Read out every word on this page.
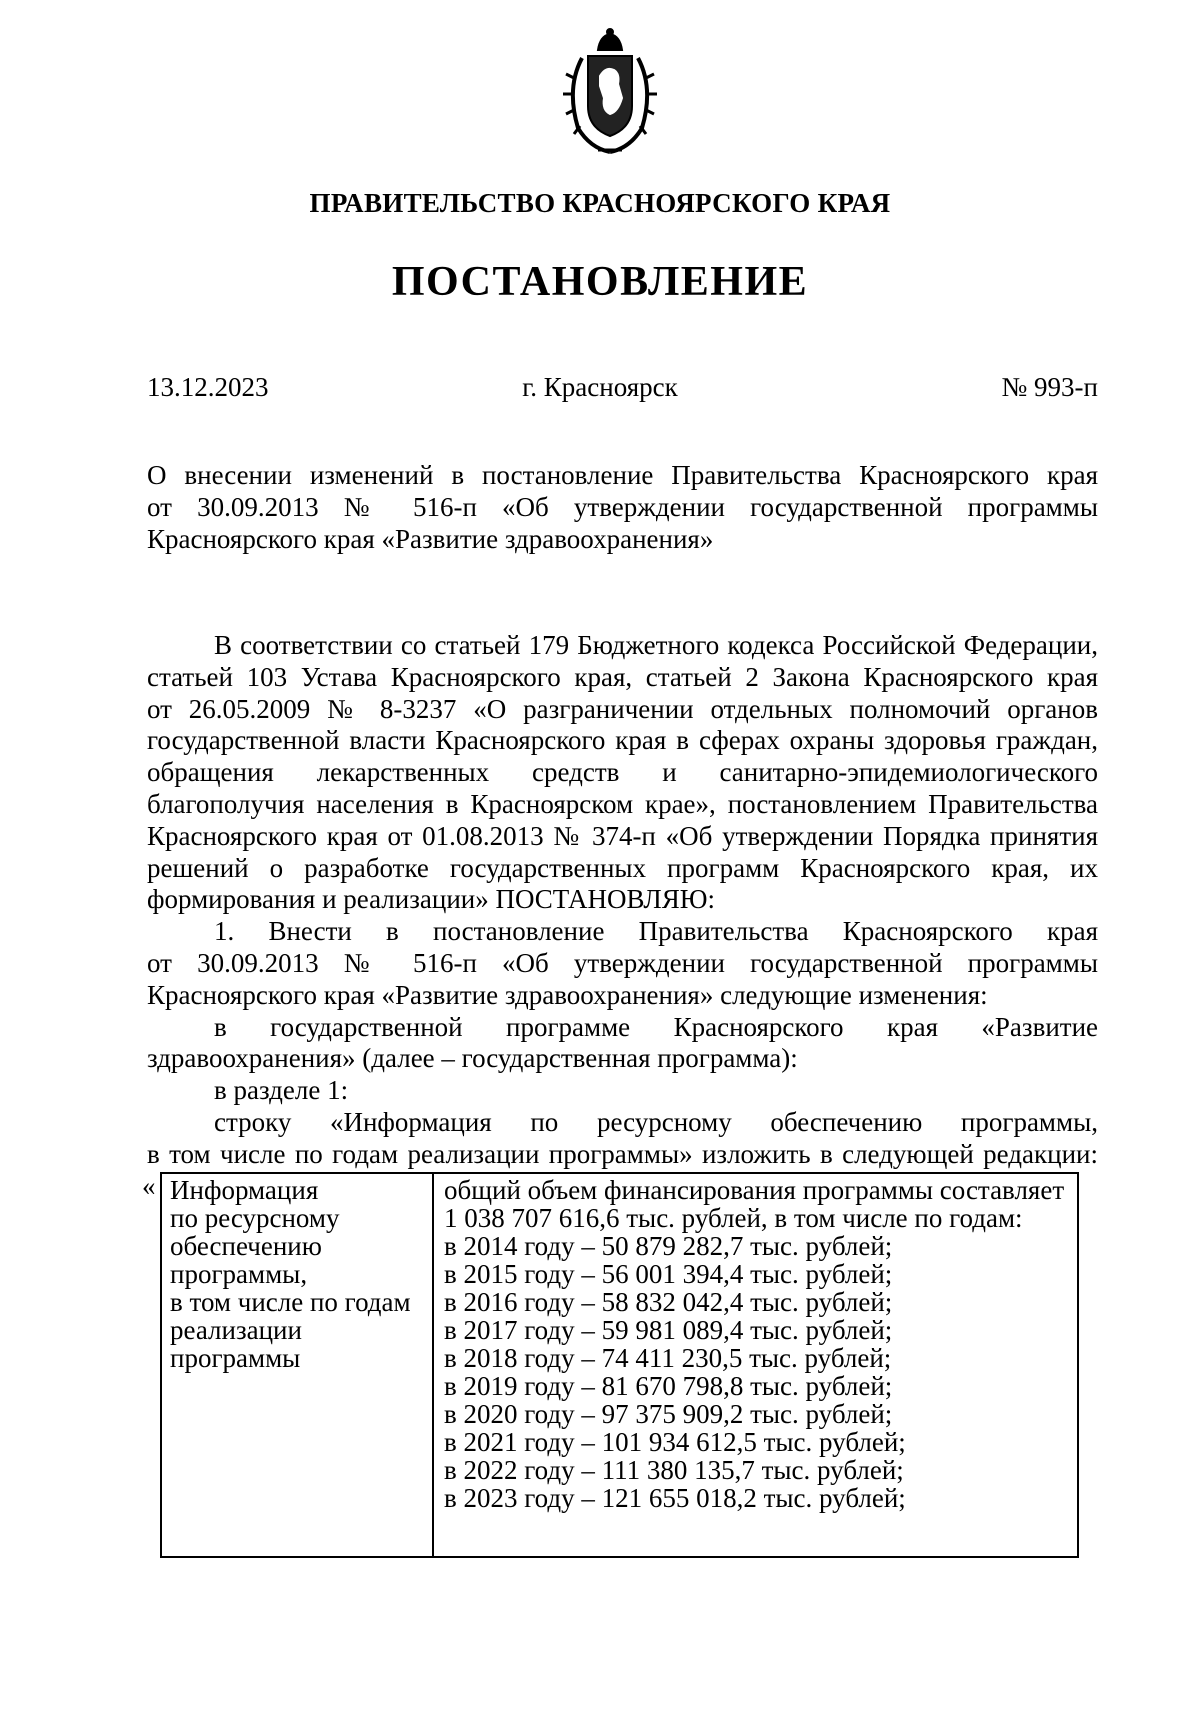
ПРАВИТЕЛЬСТВО КРАСНОЯРСКОГО КРАЯ
ПОСТАНОВЛЕНИЕ
13.12.2023	г. Красноярск	№ 993-п
О внесении изменений в постановление Правительства Красноярского края
от 30.09.2013 № 516-п «Об утверждении государственной программы
Красноярского края «Развитие здравоохранения»
В соответствии со статьей 179 Бюджетного кодекса Российской Федерации,
статьей 103 Устава Красноярского края, статьей 2 Закона Красноярского края
от 26.05.2009 № 8-3237 «О разграничении отдельных полномочий органов
государственной власти Красноярского края в сферах охраны здоровья граждан,
обращения лекарственных средств и санитарно-эпидемиологического
благополучия населения в Красноярском крае», постановлением Правительства
Красноярского края от 01.08.2013 № 374-п «Об утверждении Порядка принятия
решений о разработке государственных программ Красноярского края, их
формирования и реализации» ПОСТАНОВЛЯЮ:
1. Внести в постановление Правительства Красноярского края
от 30.09.2013 № 516-п «Об утверждении государственной программы
Красноярского края «Развитие здравоохранения» следующие изменения:
в государственной программе Красноярского края «Развитие
здравоохранения» (далее – государственная программа):
в разделе 1:
строку «Информация по ресурсному обеспечению программы,
в том числе по годам реализации программы» изложить в следующей редакции:
« Информация
по ресурсному
обеспечению
программы,
в том числе по годам
реализации
программы
общий объем финансирования программы составляет
1 038 707 616,6 тыс. рублей, в том числе по годам:
в 2014 году – 50 879 282,7 тыс. рублей;
в 2015 году – 56 001 394,4 тыс. рублей;
в 2016 году – 58 832 042,4 тыс. рублей;
в 2017 году – 59 981 089,4 тыс. рублей;
в 2018 году – 74 411 230,5 тыс. рублей;
в 2019 году – 81 670 798,8 тыс. рублей;
в 2020 году – 97 375 909,2 тыс. рублей;
в 2021 году – 101 934 612,5 тыс. рублей;
в 2022 году – 111 380 135,7 тыс. рублей;
в 2023 году – 121 655 018,2 тыс. рублей;
